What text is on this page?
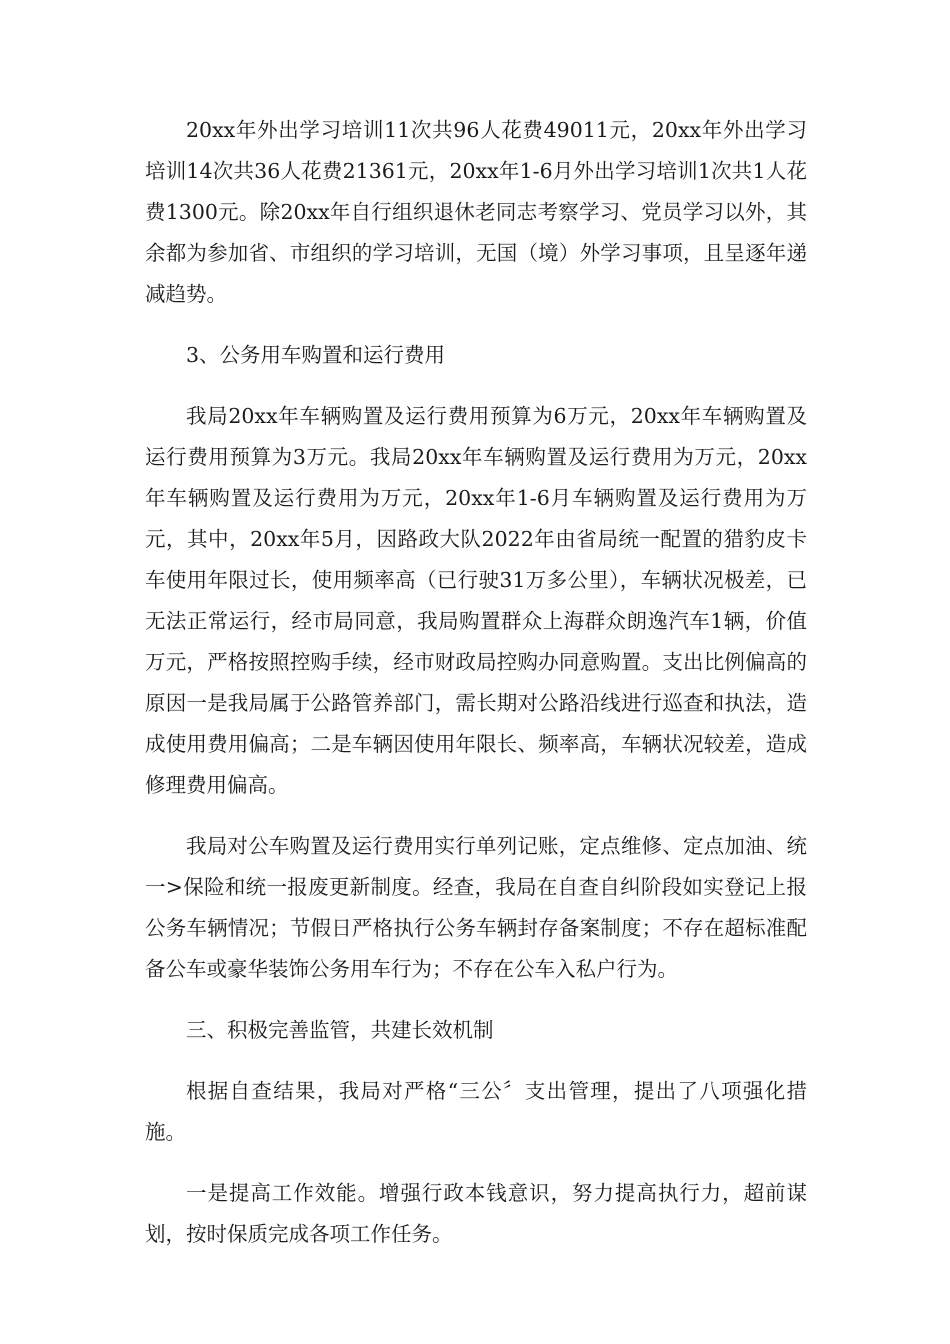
20xx年外出学习培训11次共96人花费49011元，20xx年外出学习培训14次共36人花费21361元，20xx年1-6月外出学习培训1次共1人花费1300元。除20xx年自行组织退休老同志考察学习、党员学习以外，其余都为参加省、市组织的学习培训，无国（境）外学习事项，且呈逐年递减趋势。

3、公务用车购置和运行费用

我局20xx年车辆购置及运行费用预算为6万元，20xx年车辆购置及运行费用预算为3万元。我局20xx年车辆购置及运行费用为万元，20xx年车辆购置及运行费用为万元，20xx年1-6月车辆购置及运行费用为万元，其中，20xx年5月，因路政大队2022年由省局统一配置的猎豹皮卡车使用年限过长，使用频率高（已行驶31万多公里），车辆状况极差，已无法正常运行，经市局同意，我局购置群众上海群众朗逸汽车1辆，价值万元，严格按照控购手续，经市财政局控购办同意购置。支出比例偏高的原因一是我局属于公路管养部门，需长期对公路沿线进行巡查和执法，造成使用费用偏高；二是车辆因使用年限长、频率高，车辆状况较差，造成修理费用偏高。

我局对公车购置及运行费用实行单列记账，定点维修、定点加油、统一>保险和统一报废更新制度。经查，我局在自查自纠阶段如实登记上报公务车辆情况；节假日严格执行公务车辆封存备案制度；不存在超标准配备公车或豪华装饰公务用车行为；不存在公车入私户行为。

三、积极完善监管，共建长效机制

根据自查结果，我局对严格“三公〞支出管理，提出了八项强化措施。

一是提高工作效能。增强行政本钱意识，努力提高执行力，超前谋划，按时保质完成各项工作任务。
